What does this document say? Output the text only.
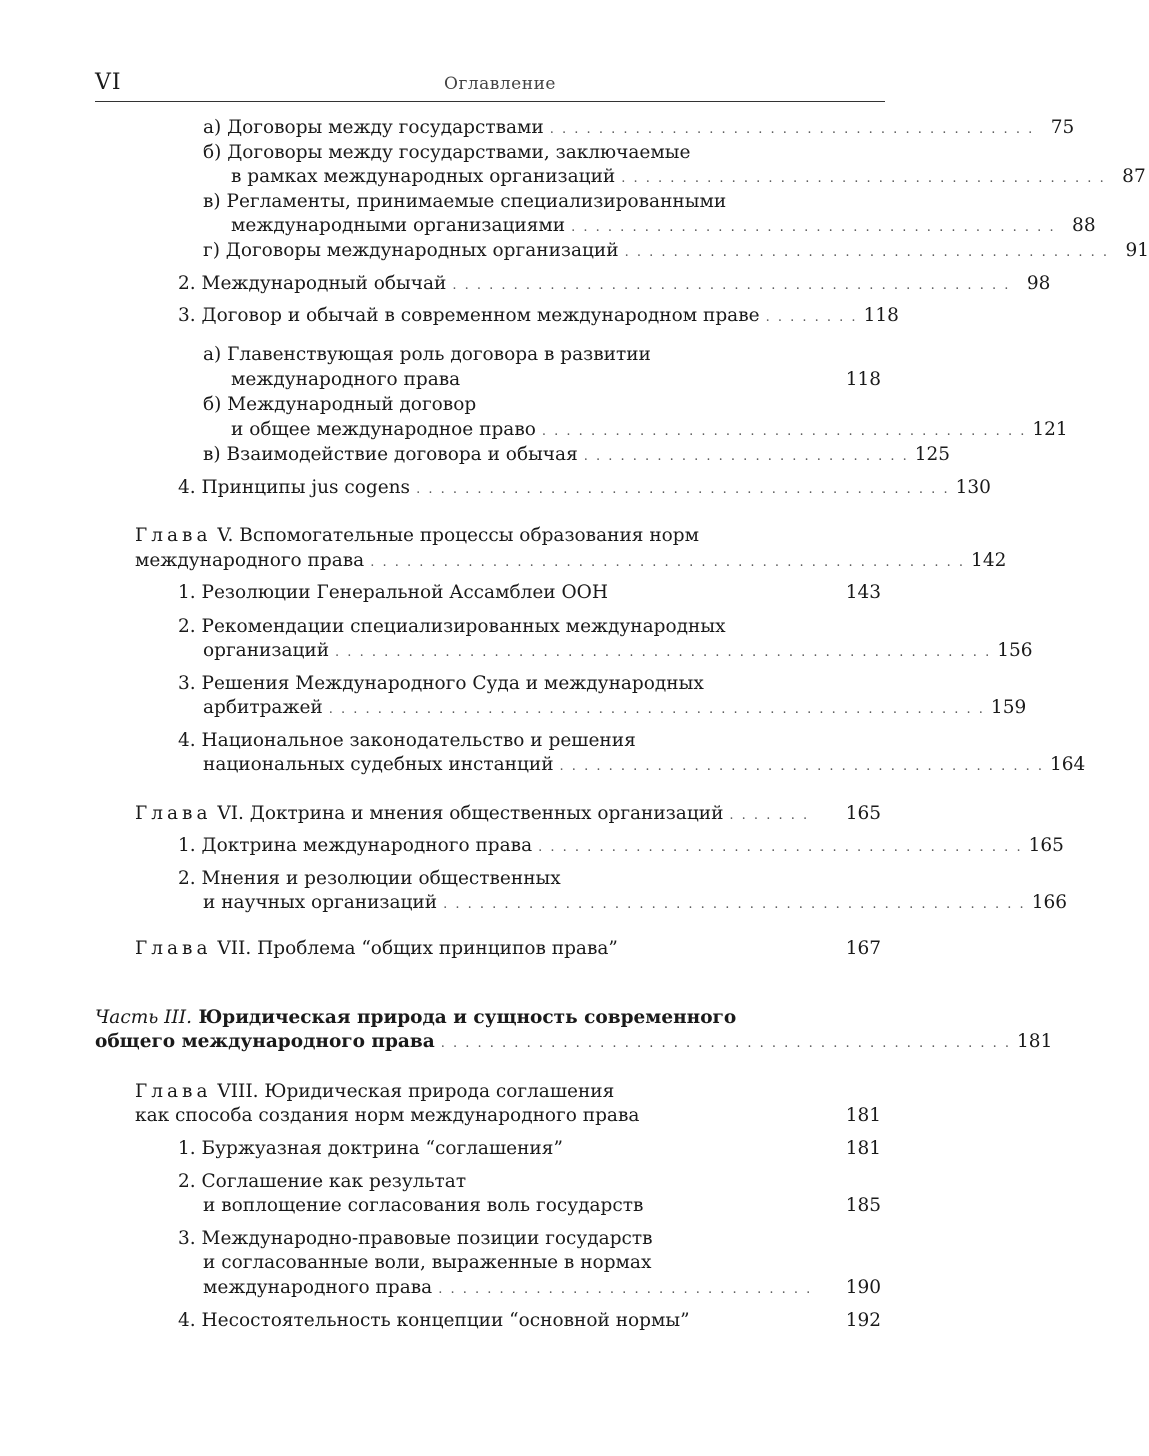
VI	Оглавление
а) Договоры между государствами . . . . . . . . . . . . . . . . . . . . . . . . . . . . . . . . . . . . . . . . 75
б) Договоры между государствами, заключаемые
в рамках международных организаций . . . . . . . . . . . . . . . . . . . . . . . . . . . . . . . . . . . . . . . . 87
в) Регламенты, принимаемые специализированными
международными организациями . . . . . . . . . . . . . . . . . . . . . . . . . . . . . . . . . . . . . . . . 88
г) Договоры международных организаций . . . . . . . . . . . . . . . . . . . . . . . . . . . . . . . . . . . . . . . . 91
2. Международный обычай . . . . . . . . . . . . . . . . . . . . . . . . . . . . . . . . . . . . . . . . . . . . . . 98
3. Договор и обычай в современном международном праве . . . . . . . . 118
а) Главенствующая роль договора в развитии
международного права	118
б) Международный договор
и общее международное право . . . . . . . . . . . . . . . . . . . . . . . . . . . . . . . . . . . . . . . . 121
в) Взаимодействие договора и обычая . . . . . . . . . . . . . . . . . . . . . . . . . . . 125
4. Принципы jus cogens . . . . . . . . . . . . . . . . . . . . . . . . . . . . . . . . . . . . . . . . . . . . 130
Глава V. Вспомогательные процессы образования норм
международного права . . . . . . . . . . . . . . . . . . . . . . . . . . . . . . . . . . . . . . . . . . . . . . . . . 142
1. Резолюции Генеральной Ассамблеи ООН	143
2. Рекомендации специализированных международных
организаций . . . . . . . . . . . . . . . . . . . . . . . . . . . . . . . . . . . . . . . . . . . . . . . . . . . . . . 156
3. Решения Международного Суда и международных
арбитражей . . . . . . . . . . . . . . . . . . . . . . . . . . . . . . . . . . . . . . . . . . . . . . . . . . . . . . 159
4. Национальное законодательство и решения
национальных судебных инстанций . . . . . . . . . . . . . . . . . . . . . . . . . . . . . . . . . . . . . . . . 164
Глава VI. Доктрина и мнения общественных организаций . . . . . . .	165
1. Доктрина международного права . . . . . . . . . . . . . . . . . . . . . . . . . . . . . . . . . . . . . . . . 165
2. Мнения и резолюции общественных
и научных организаций . . . . . . . . . . . . . . . . . . . . . . . . . . . . . . . . . . . . . . . . . . . . . . . . 166
Глава VII. Проблема “общих принципов права”	167
Часть III. Юридическая природа и сущность современного
общего международного права . . . . . . . . . . . . . . . . . . . . . . . . . . . . . . . . . . . . . . . . . . . . . . . 181
Глава VIII. Юридическая природа соглашения
как способа создания норм международного права	181
1. Буржуазная доктрина “соглашения”	181
2. Соглашение как результат
и воплощение согласования воль государств	185
3. Международно-правовые позиции государств
и согласованные воли, выраженные в нормах
международного права . . . . . . . . . . . . . . . . . . . . . . . . . . . . . . .	190
4. Несостоятельность концепции “основной нормы”	192
